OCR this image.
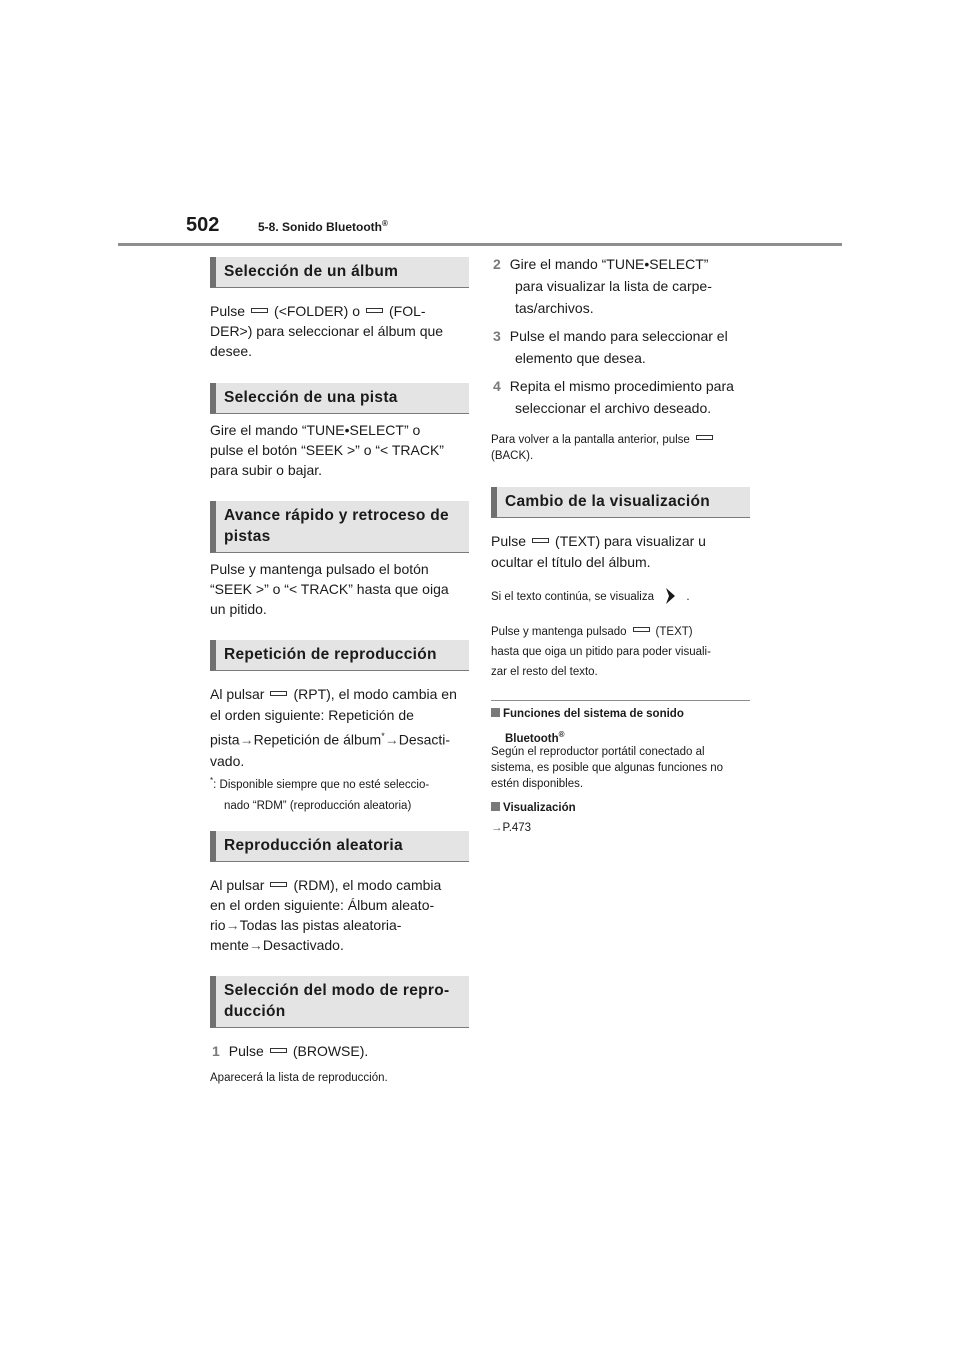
502	5-8. Sonido Bluetooth®
Selección de un álbum
Pulse (<FOLDER) o (FOL-
DER>) para seleccionar el álbum que
desee.
Selección de una pista
Gire el mando “TUNE•SELECT” o
pulse el botón “SEEK >” o “< TRACK”
para subir o bajar.
Avance rápido y retroceso de
pistas
Pulse y mantenga pulsado el botón
“SEEK >” o “< TRACK” hasta que oiga
un pitido.
Repetición de reproducción
Al pulsar (RPT), el modo cambia en
el orden siguiente: Repetición de
pista→Repetición de álbum*→Desacti-
vado.
*: Disponible siempre que no esté seleccio-
nado “RDM” (reproducción aleatoria)
Reproducción aleatoria
Al pulsar (RDM), el modo cambia
en el orden siguiente: Álbum aleato-
rio→Todas las pistas aleatoria-
mente→Desactivado.
Selección del modo de repro-
ducción
1 Pulse (BROWSE).
Aparecerá la lista de reproducción.
2 Gire el mando “TUNE•SELECT”
para visualizar la lista de carpe-
tas/archivos.
3 Pulse el mando para seleccionar el
elemento que desea.
4 Repita el mismo procedimiento para
seleccionar el archivo deseado.
Para volver a la pantalla anterior, pulse
(BACK).
Cambio de la visualización
Pulse (TEXT) para visualizar u
ocultar el título del álbum.
Si el texto continúa, se visualiza	.
Pulse y mantenga pulsado	(TEXT)
hasta que oiga un pitido para poder visuali-
zar el resto del texto.
Funciones del sistema de sonido
Bluetooth®
Según el reproductor portátil conectado al
sistema, es posible que algunas funciones no
estén disponibles.
Visualización
→P.473
